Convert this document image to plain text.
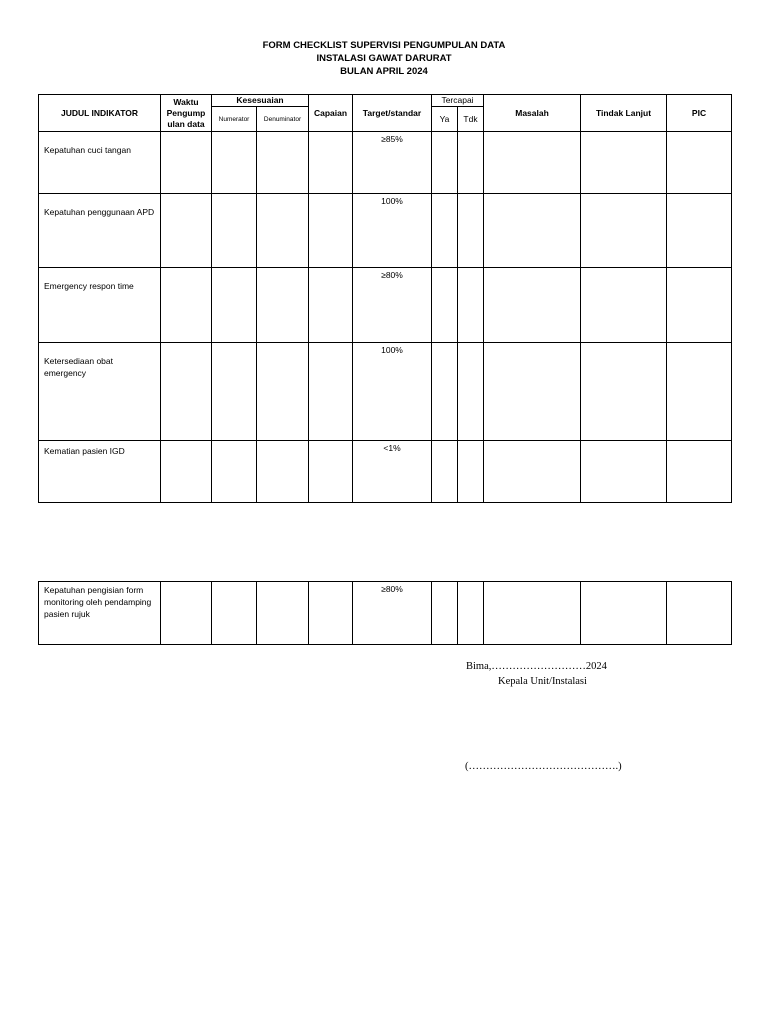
FORM CHECKLIST SUPERVISI PENGUMPULAN DATA
INSTALASI GAWAT DARURAT
BULAN APRIL 2024
JUDUL INDIKATOR	Waktu
Pengump
ulan data	Kesesuaian		Capaian	Target/standar	Tercapai		Masalah	Tindak Lanjut	PIC
		Numerator	Denuminator			Ya	Tdk			
Kepatuhan cuci tangan					≥85%					
Kepatuhan penggunaan APD					100%					
Emergency respon time					≥80%					
Ketersediaan obat emergency					100%					
Kematian pasien IGD					<1%					
Kepatuhan pengisian form monitoring oleh pendamping pasien rujuk					≥80%					
Bima,………………………2024
Kepala Unit/Instalasi
(…………………………………….)
